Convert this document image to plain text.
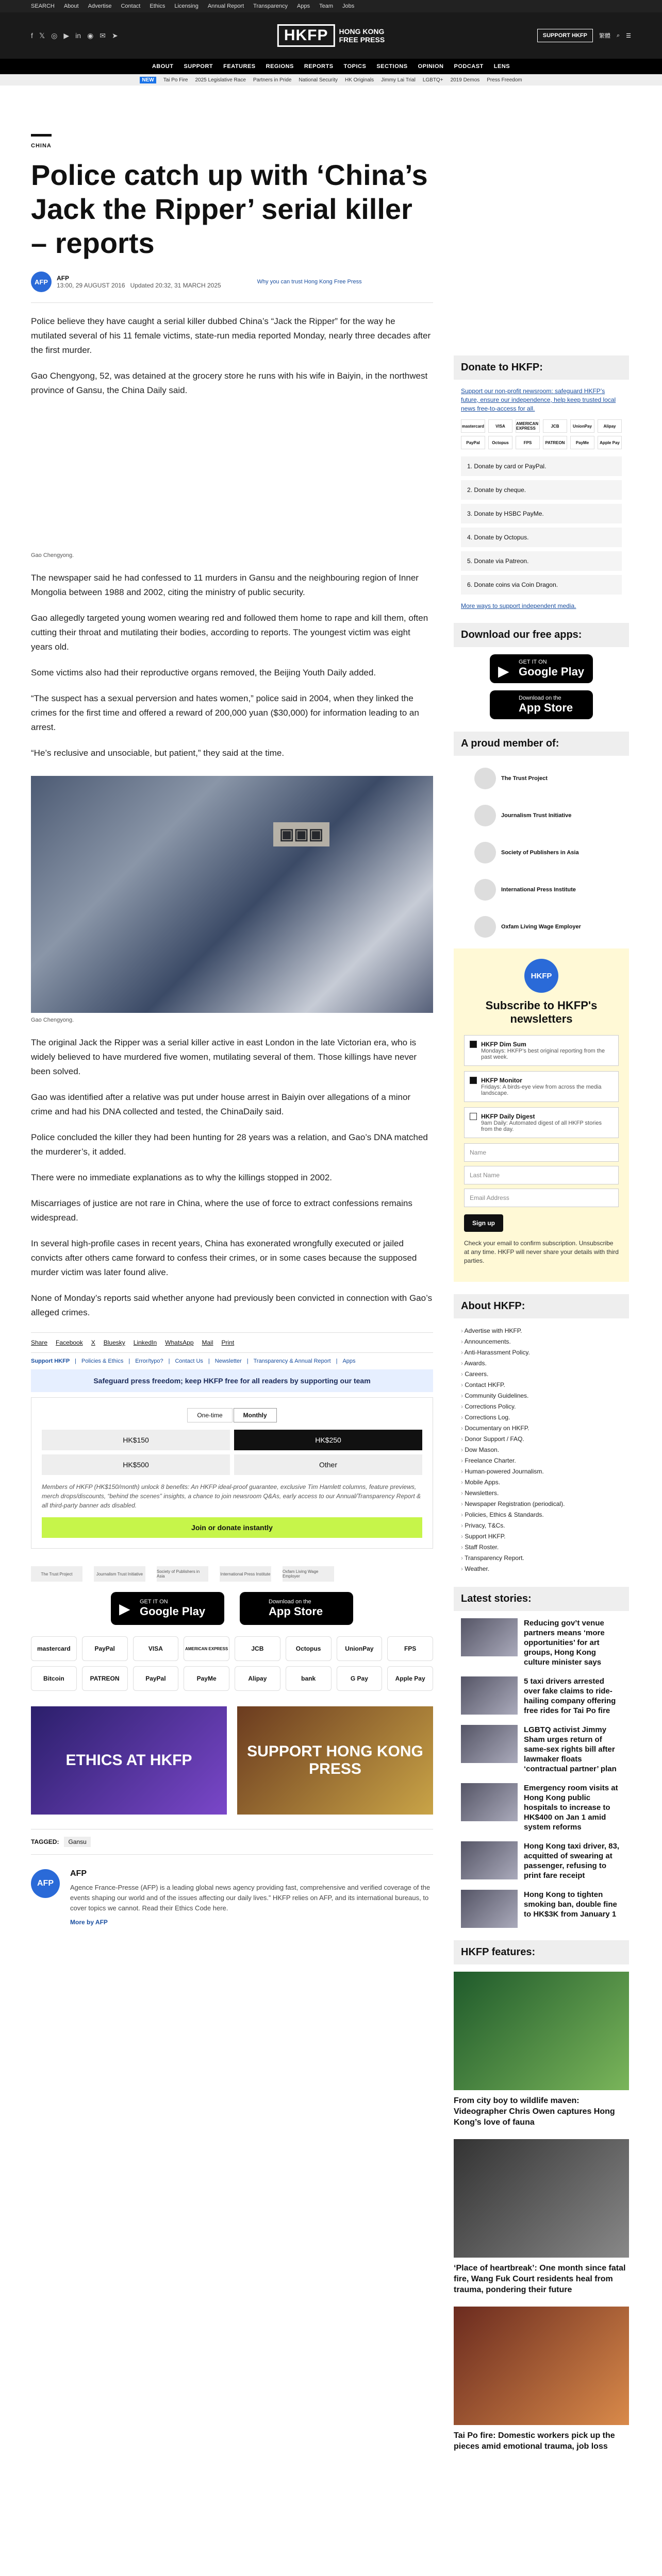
SEARCH About Advertise Contact Ethics Licensing Annual Report Transparency Apps Team Jobs
f 𝕏 ◎ ▶ in ◉ ✉ ➤	HKFP	HONG KONG
FREE PRESS	SUPPORT HKFP	繁體 ⌕ ☰
ABOUT SUPPORT FEATURES REGIONS REPORTS TOPICS SECTIONS OPINION PODCAST LENS
NEW	Tai Po Fire 2025 Legislative Race Partners in Pride National Security HK Originals Jimmy Lai Trial LGBTQ+ 2019 Demos Press Freedom
CHINA
Police catch up with ‘China’s Jack the Ripper’ serial killer – reports
AFP	AFP
13:00, 29 AUGUST 2016 Updated 20:32, 31 MARCH 2025	Why you can trust Hong Kong Free Press

Police believe they have caught a serial killer dubbed China’s “Jack the Ripper” for the way he mutilated several of his 11 female victims, state-run media reported Monday, nearly three decades after the first murder.

Gao Chengyong, 52, was detained at the grocery store he runs with his wife in Baiyin, in the northwest province of Gansu, the China Daily said.

Gao Chengyong.

The newspaper said he had confessed to 11 murders in Gansu and the neighbouring region of Inner Mongolia between 1988 and 2002, citing the ministry of public security.

Gao allegedly targeted young women wearing red and followed them home to rape and kill them, often cutting their throat and mutilating their bodies, according to reports. The youngest victim was eight years old.

Some victims also had their reproductive organs removed, the Beijing Youth Daily added.

“The suspect has a sexual perversion and hates women,” police said in 2004, when they linked the crimes for the first time and offered a reward of 200,000 yuan ($30,000) for information leading to an arrest.

“He’s reclusive and unsociable, but patient,” they said at the time.

▣▣▣
Gao Chengyong.

The original Jack the Ripper was a serial killer active in east London in the late Victorian era, who is widely believed to have murdered five women, mutilating several of them. Those killings have never been solved.

Gao was identified after a relative was put under house arrest in Baiyin over allegations of a minor crime and had his DNA collected and tested, the ChinaDaily said.

Police concluded the killer they had been hunting for 28 years was a relation, and Gao’s DNA matched the murderer’s, it added.

There were no immediate explanations as to why the killings stopped in 2002.

Miscarriages of justice are not rare in China, where the use of force to extract confessions remains widespread.

In several high-profile cases in recent years, China has exonerated wrongfully executed or jailed convicts after others came forward to confess their crimes, or in some cases because the supposed murder victim was later found alive.

None of Monday’s reports said whether anyone had previously been convicted in connection with Gao’s alleged crimes.

Share Facebook X Bluesky LinkedIn WhatsApp Mail Print
Support HKFP | Policies & Ethics | Error/typo? | Contact Us | Newsletter | Transparency & Annual Report | Apps
Safeguard press freedom; keep HKFP free for all readers by supporting our team
One-time	Monthly
HK$150	HK$250
HK$500	Other
Members of HKFP (HK$150/month) unlock 8 benefits: An HKFP ideal-proof guarantee, exclusive Tim Hamlett columns, feature previews, merch drops/discounts, “behind the scenes” insights, a chance to join newsroom Q&As, early access to our Annual/Transparency Report & all third-party banner ads disabled.
Join or donate instantly
The Trust Project	Journalism Trust Initiative	Society of Publishers in Asia	International Press Institute	Oxfam Living Wage Employer
▶ GET IT ON
Google Play
Download on the
App Store
mastercard	PayPal	VISA	AMERICAN EXPRESS	JCB	Octopus	UnionPay	FPS
Bitcoin	PATREON	PayPal	PayMe	Alipay	bank	G Pay	Apple Pay
ETHICS AT HKFP
SUPPORT HONG KONG PRESS
TAGGED:	Gansu
AFP
AFP

Agence France-Presse (AFP) is a leading global news agency providing fast, comprehensive and verified coverage of the events shaping our world and of the issues affecting our daily lives.” HKFP relies on AFP, and its international bureaus, to cover topics we cannot. Read their Ethics Code here.

More by AFP
Donate to HKFP:

Support our non-profit newsroom: safeguard HKFP’s future, ensure our independence, help keep trusted local news free-to-access for all.

mastercard	VISA	AMERICAN EXPRESS	JCB	UnionPay	Alipay
PayPal	Octopus	FPS	PATREON	PayMe	Apple Pay
1. Donate by card or PayPal.
2. Donate by cheque.
3. Donate by HSBC PayMe.
4. Donate by Octopus.
5. Donate via Patreon.
6. Donate coins via Coin Dragon.

More ways to support independent media.

Download our free apps:
▶
GET IT ON
Google Play
Download on the
App Store
A proud member of:
The Trust Project
Journalism Trust Initiative
Society of Publishers in Asia
International Press Institute
Oxfam Living Wage Employer
HKFP
Subscribe to HKFP's newsletters
HKFP Dim Sum
Mondays: HKFP’s best original reporting from the past week.
HKFP Monitor
Fridays: A birds-eye view from across the media landscape.
HKFP Daily Digest
9am Daily: Automated digest of all HKFP stories from the day.
Name
Last Name
Email Address
Sign up

Check your email to confirm subscription. Unsubscribe at any time. HKFP will never share your details with third parties.

About HKFP:
› Advertise with HKFP.
› Announcements.
› Anti-Harassment Policy.
› Awards.
› Careers.
› Contact HKFP.
› Community Guidelines.
› Corrections Policy.
› Corrections Log.
› Documentary on HKFP.
› Donor Support / FAQ.
› Dow Mason.
› Freelance Charter.
› Human-powered Journalism.
› Mobile Apps.
› Newsletters.
› Newspaper Registration (periodical).
› Policies, Ethics & Standards.
› Privacy, T&Cs.
› Support HKFP.
› Staff Roster.
› Transparency Report.
› Weather.
Latest stories:
Reducing gov’t venue partners means ‘more opportunities’ for art groups, Hong Kong culture minister says
5 taxi drivers arrested over fake claims to ride-hailing company offering free rides for Tai Po fire
LGBTQ activist Jimmy Sham urges return of same-sex rights bill after lawmaker floats ‘contractual partner’ plan
Emergency room visits at Hong Kong public hospitals to increase to HK$400 on Jan 1 amid system reforms
Hong Kong taxi driver, 83, acquitted of swearing at passenger, refusing to print fare receipt
Hong Kong to tighten smoking ban, double fine to HK$3K from January 1
HKFP features:
From city boy to wildlife maven: Videographer Chris Owen captures Hong Kong’s love of fauna
‘Place of heartbreak’: One month since fatal fire, Wang Fuk Court residents heal from trauma, pondering their future
Tai Po fire: Domestic workers pick up the pieces amid emotional trauma, job loss
